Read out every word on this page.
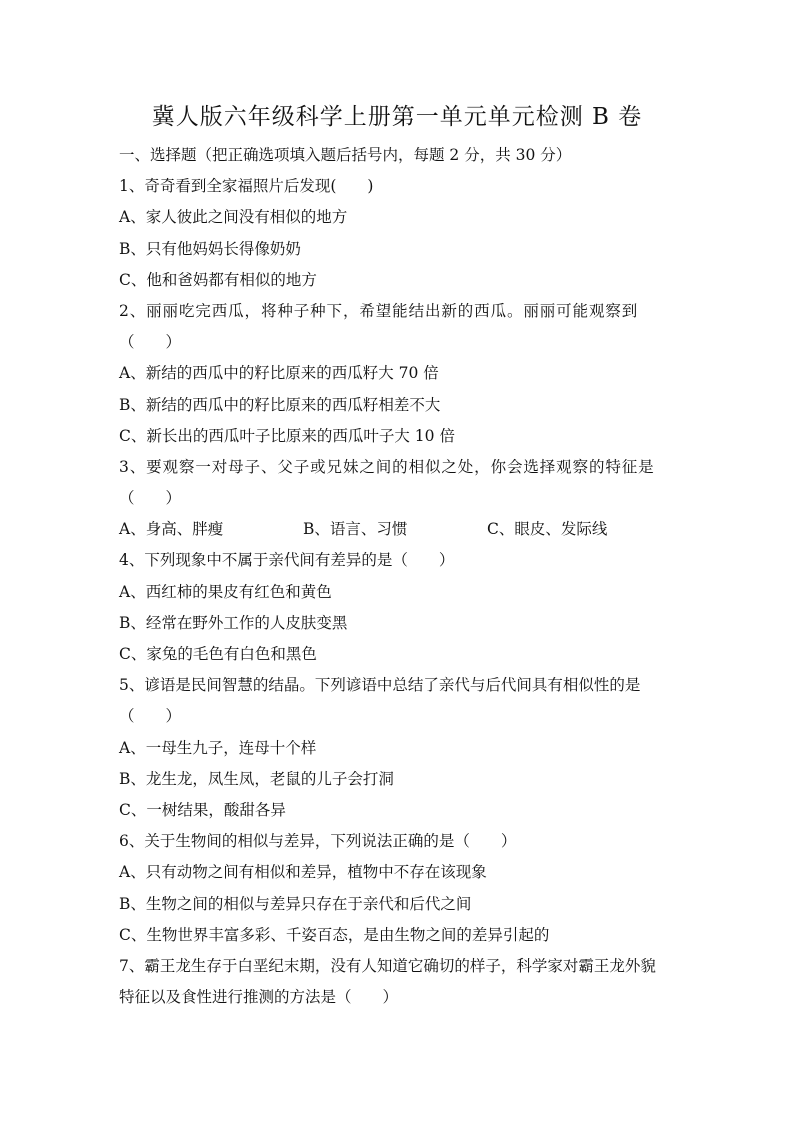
冀人版六年级科学上册第一单元单元检测 B 卷
一、选择题（把正确选项填入题后括号内，每题 2 分，共 30 分）
1、奇奇看到全家福照片后发现(　　)
A、家人彼此之间没有相似的地方
B、只有他妈妈长得像奶奶
C、他和爸妈都有相似的地方
2、丽丽吃完西瓜，将种子种下，希望能结出新的西瓜。丽丽可能观察到
（　　）
A、新结的西瓜中的籽比原来的西瓜籽大 70 倍
B、新结的西瓜中的籽比原来的西瓜籽相差不大
C、新长出的西瓜叶子比原来的西瓜叶子大 10 倍
3、要观察一对母子、父子或兄妹之间的相似之处，你会选择观察的特征是
（　　）
A、身高、胖瘦	B、语言、习惯	C、眼皮、发际线
4、下列现象中不属于亲代间有差异的是（　　）
A、西红柿的果皮有红色和黄色
B、经常在野外工作的人皮肤变黑
C、家兔的毛色有白色和黑色
5、谚语是民间智慧的结晶。下列谚语中总结了亲代与后代间具有相似性的是
（　　）
A、一母生九子，连母十个样
B、龙生龙，凤生凤，老鼠的儿子会打洞
C、一树结果，酸甜各异
6、关于生物间的相似与差异，下列说法正确的是（　　）
A、只有动物之间有相似和差异，植物中不存在该现象
B、生物之间的相似与差异只存在于亲代和后代之间
C、生物世界丰富多彩、千姿百态，是由生物之间的差异引起的
7、霸王龙生存于白垩纪末期，没有人知道它确切的样子，科学家对霸王龙外貌
特征以及食性进行推测的方法是（　　）
